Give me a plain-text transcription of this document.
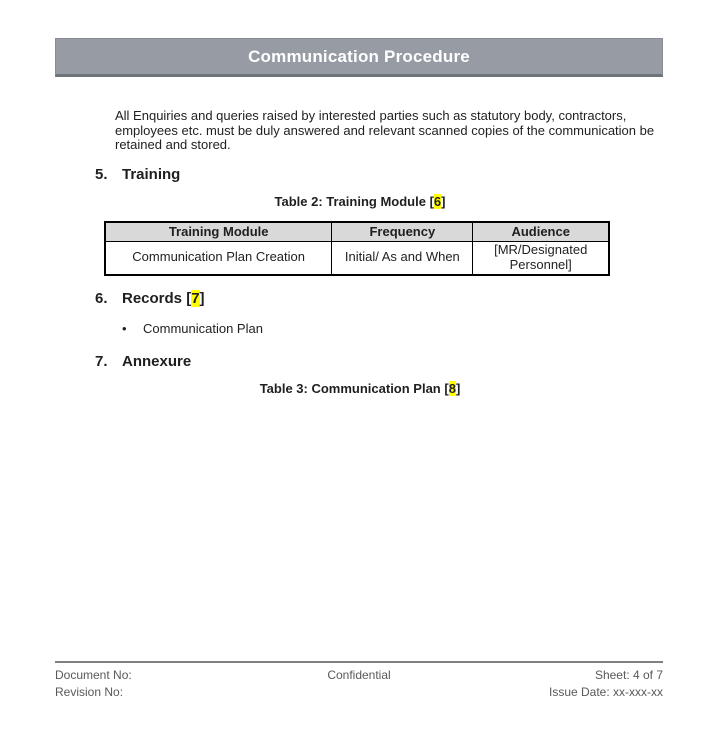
Communication Procedure

All Enquiries and queries raised by interested parties such as statutory body, contractors, employees etc. must be duly answered and relevant scanned copies of the communication be retained and stored.

5. Training
Table 2: Training Module [6]
Training Module	Frequency	Audience
Communication Plan Creation	Initial/ As and When	[MR/Designated Personnel]
6. Records [7]
•	Communication Plan
7. Annexure
Table 3: Communication Plan [8]
Document No:
Revision No:
Confidential	Sheet: 4 of 7
Issue Date: xx-xxx-xx
